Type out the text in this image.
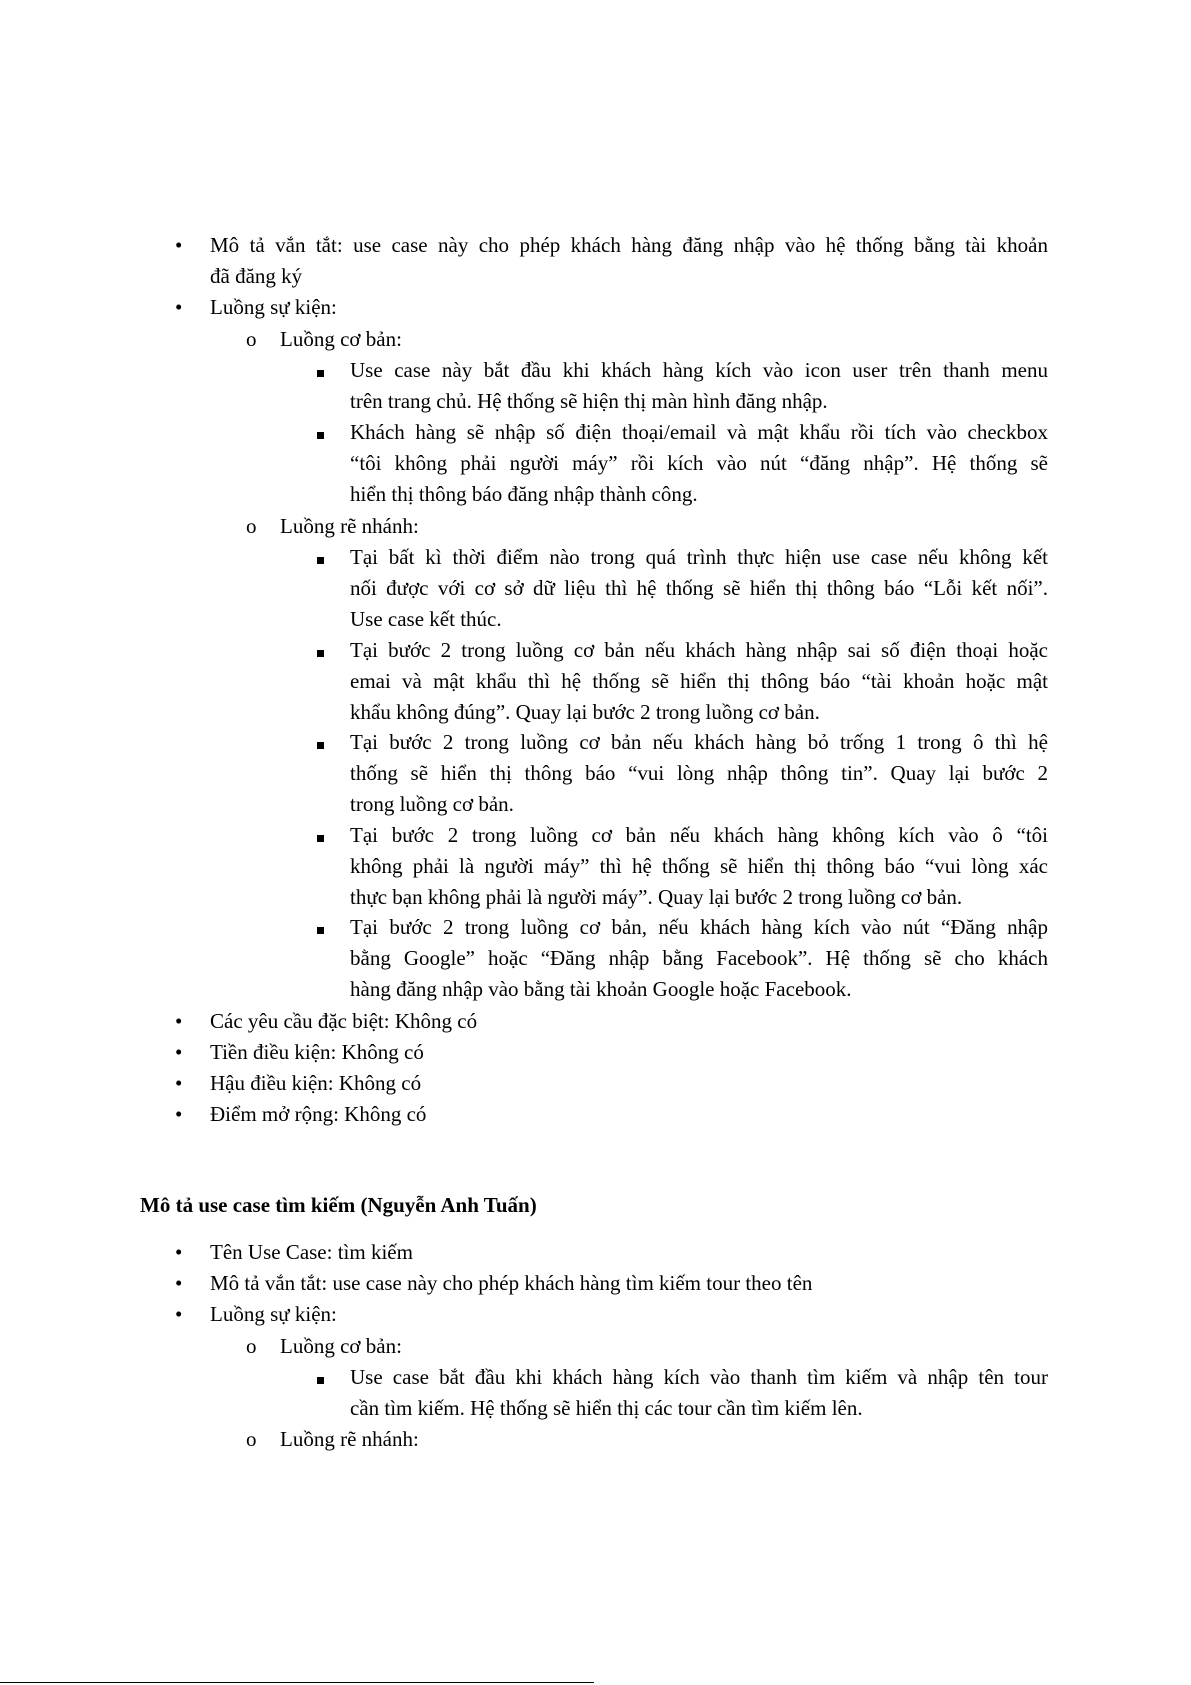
• Mô tả vắn tắt: use case này cho phép khách hàng đăng nhập vào hệ thống bằng tài khoản
đã đăng ký
• Luồng sự kiện:
o Luồng cơ bản:
Use case này bắt đầu khi khách hàng kích vào icon user trên thanh menu
trên trang chủ. Hệ thống sẽ hiện thị màn hình đăng nhập.
Khách hàng sẽ nhập số điện thoại/email và mật khẩu rồi tích vào checkbox
“tôi không phải người máy” rồi kích vào nút “đăng nhập”. Hệ thống sẽ
hiển thị thông báo đăng nhập thành công.
o Luồng rẽ nhánh:
Tại bất kì thời điểm nào trong quá trình thực hiện use case nếu không kết
nối được với cơ sở dữ liệu thì hệ thống sẽ hiển thị thông báo “Lỗi kết nối”.
Use case kết thúc.
Tại bước 2 trong luồng cơ bản nếu khách hàng nhập sai số điện thoại hoặc
emai và mật khẩu thì hệ thống sẽ hiển thị thông báo “tài khoản hoặc mật
khẩu không đúng”. Quay lại bước 2 trong luồng cơ bản.
Tại bước 2 trong luồng cơ bản nếu khách hàng bỏ trống 1 trong ô thì hệ
thống sẽ hiển thị thông báo “vui lòng nhập thông tin”. Quay lại bước 2
trong luồng cơ bản.
Tại bước 2 trong luồng cơ bản nếu khách hàng không kích vào ô “tôi
không phải là người máy” thì hệ thống sẽ hiển thị thông báo “vui lòng xác
thực bạn không phải là người máy”. Quay lại bước 2 trong luồng cơ bản.
Tại bước 2 trong luồng cơ bản, nếu khách hàng kích vào nút “Đăng nhập
bằng Google” hoặc “Đăng nhập bằng Facebook”. Hệ thống sẽ cho khách
hàng đăng nhập vào bằng tài khoản Google hoặc Facebook.
• Các yêu cầu đặc biệt: Không có
• Tiền điều kiện: Không có
• Hậu điều kiện: Không có
• Điểm mở rộng: Không có
Mô tả use case tìm kiếm (Nguyễn Anh Tuấn)
• Tên Use Case: tìm kiếm
• Mô tả vắn tắt: use case này cho phép khách hàng tìm kiếm tour theo tên
• Luồng sự kiện:
o Luồng cơ bản:
Use case bắt đầu khi khách hàng kích vào thanh tìm kiếm và nhập tên tour
cần tìm kiếm. Hệ thống sẽ hiển thị các tour cần tìm kiếm lên.
o Luồng rẽ nhánh:
